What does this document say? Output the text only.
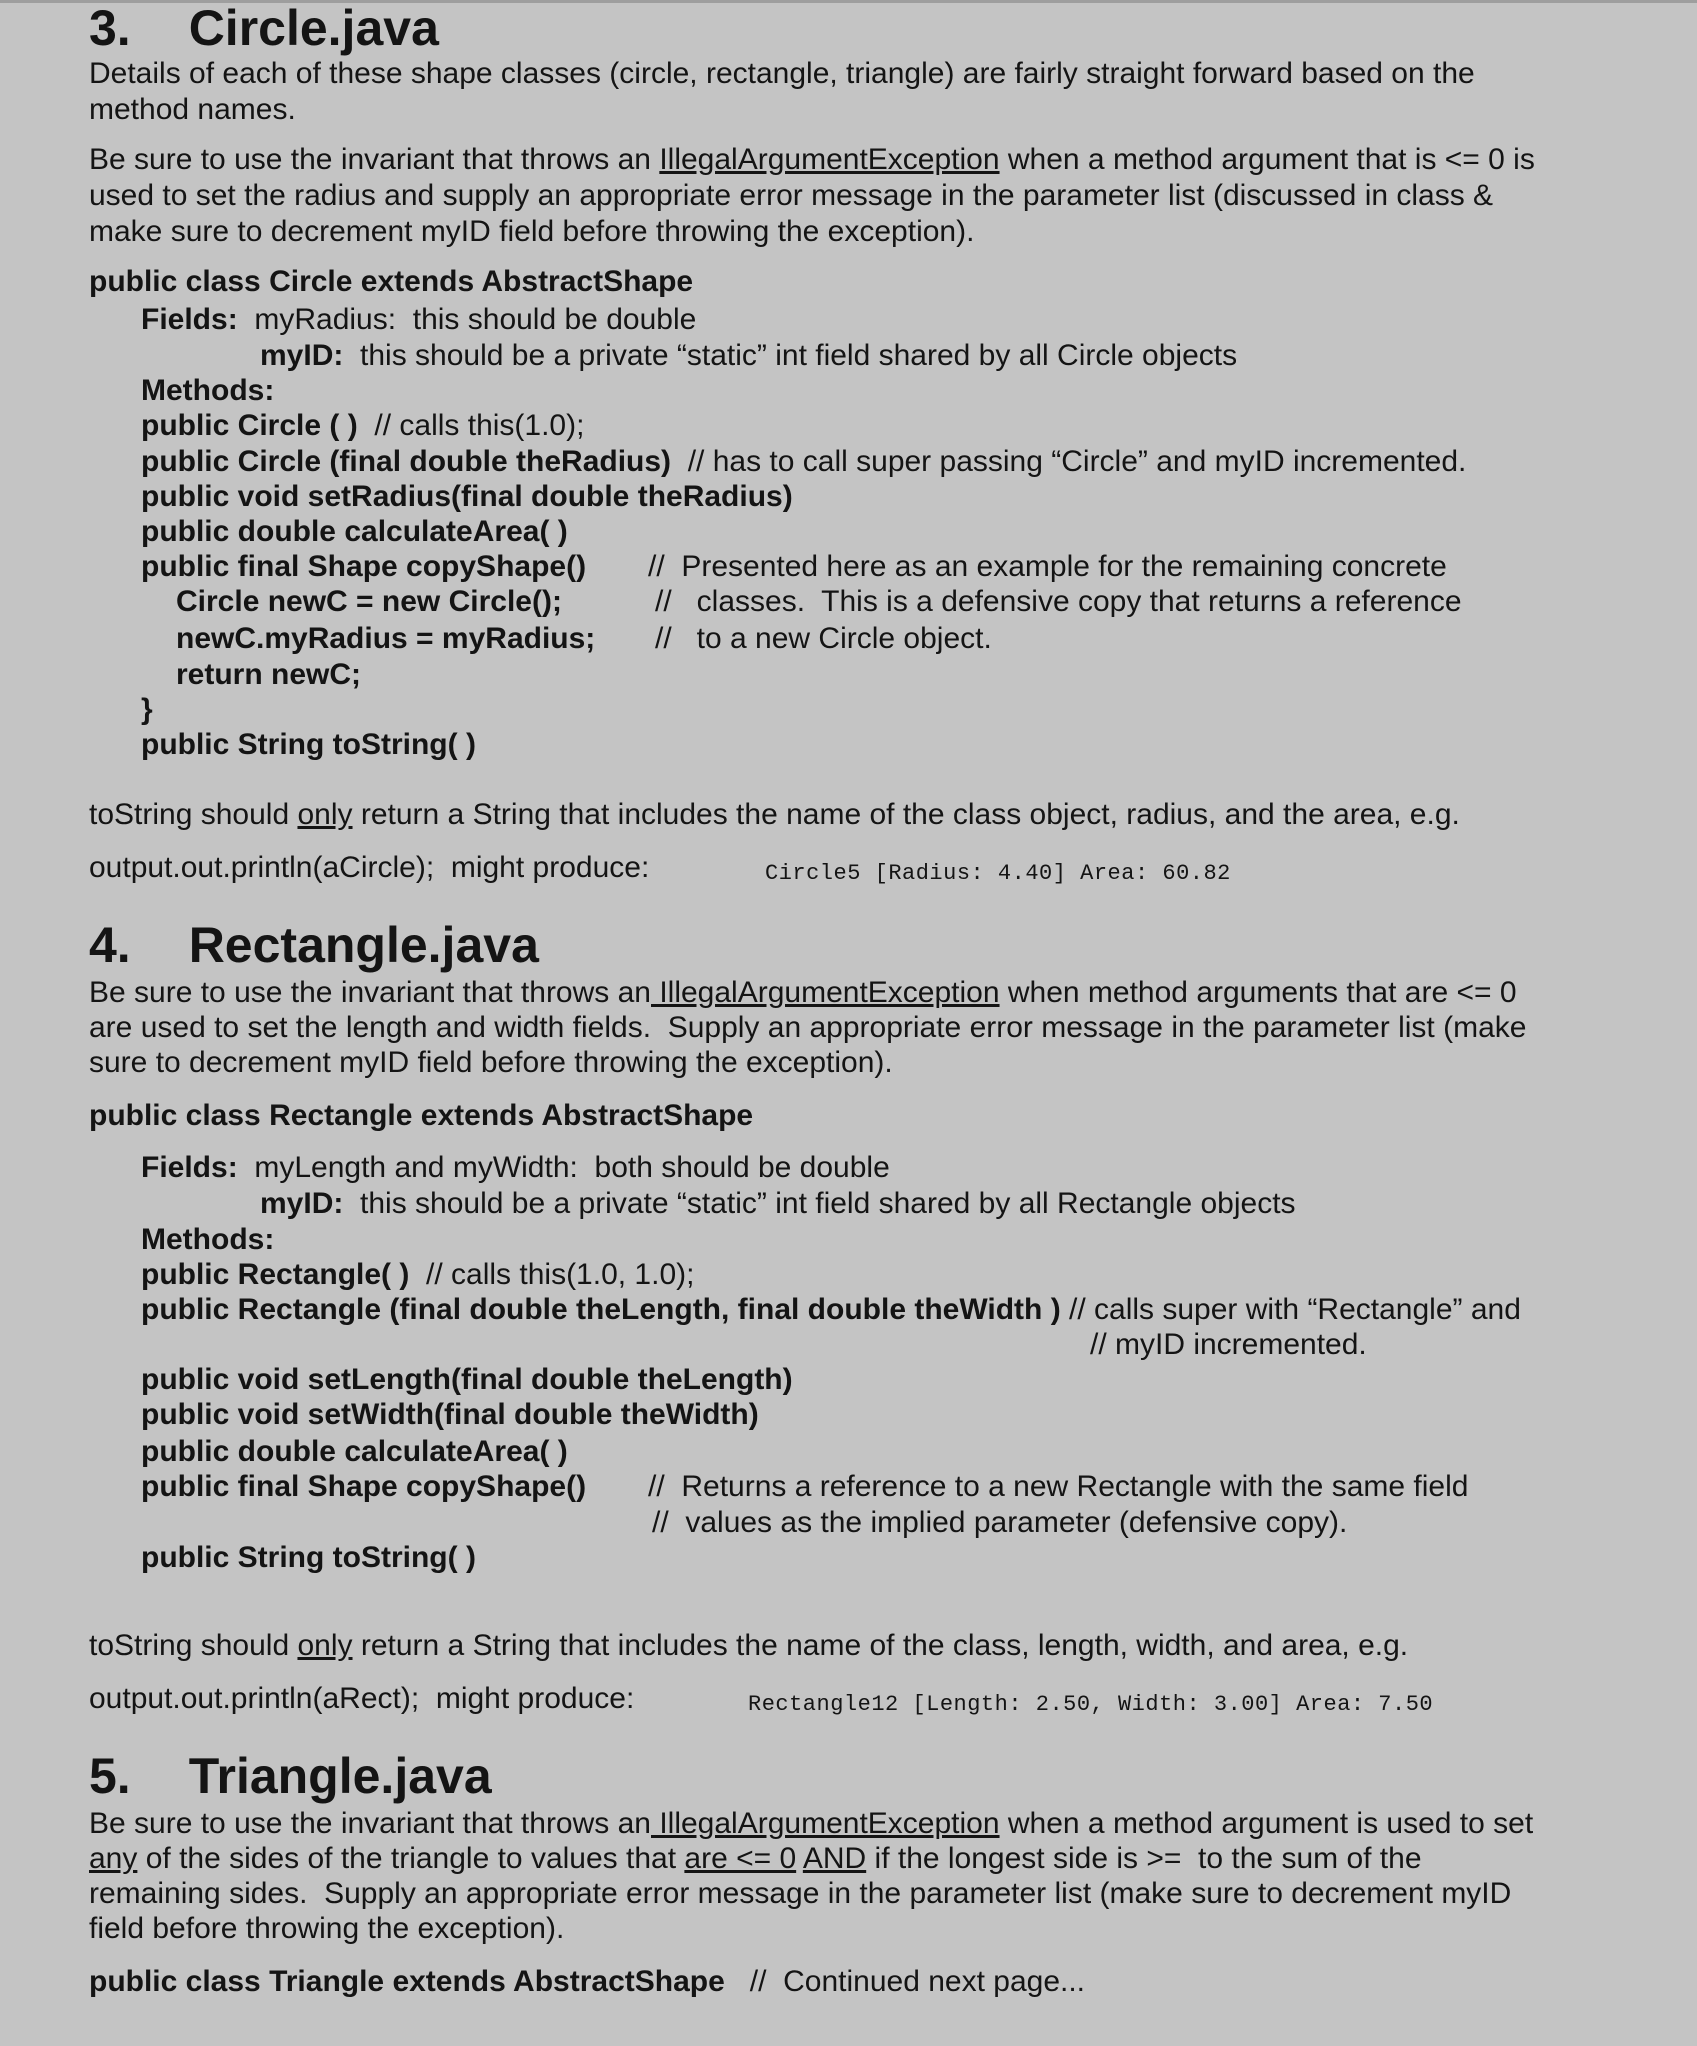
3. Circle.java
Details of each of these shape classes (circle, rectangle, triangle) are fairly straight forward based on the
method names.
Be sure to use the invariant that throws an IllegalArgumentException when a method argument that is <= 0 is
used to set the radius and supply an appropriate error message in the parameter list (discussed in class &
make sure to decrement myID field before throwing the exception).
public class Circle extends AbstractShape
Fields: myRadius:  this should be double
myID:  this should be a private “static” int field shared by all Circle objects
Methods:
public Circle ( )  // calls this(1.0);
public Circle (final double theRadius)  // has to call super passing “Circle” and myID incremented.
public void setRadius(final double theRadius)
public double calculateArea( )
public final Shape copyShape()
Circle newC = new Circle();
newC.myRadius = myRadius;
return newC;
}
//  Presented here as an example for the remaining concrete
//   classes.  This is a defensive copy that returns a reference
//   to a new Circle object.
public String toString( )
toString should only return a String that includes the name of the class object, radius, and the area, e.g.
output.out.println(aCircle);  might produce:	Circle5 [Radius: 4.40] Area: 60.82
4. Rectangle.java
Be sure to use the invariant that throws an IllegalArgumentException when method arguments that are <= 0
are used to set the length and width fields.  Supply an appropriate error message in the parameter list (make
sure to decrement myID field before throwing the exception).
public class Rectangle extends AbstractShape
Fields: myLength and myWidth:  both should be double
myID:  this should be a private “static” int field shared by all Rectangle objects
Methods:
public Rectangle( )  // calls this(1.0, 1.0);
public Rectangle (final double theLength, final double theWidth ) // calls super with “Rectangle” and
// myID incremented.
public void setLength(final double theLength)
public void setWidth(final double theWidth)
public double calculateArea( )
public final Shape copyShape() //  Returns a reference to a new Rectangle with the same field
//  values as the implied parameter (defensive copy).
public String toString( )
toString should only return a String that includes the name of the class, length, width, and area, e.g.
output.out.println(aRect);  might produce:	Rectangle12 [Length: 2.50, Width: 3.00] Area: 7.50
5. Triangle.java
Be sure to use the invariant that throws an IllegalArgumentException when a method argument is used to set
any of the sides of the triangle to values that are <= 0 AND if the longest side is >=  to the sum of the
remaining sides.  Supply an appropriate error message in the parameter list (make sure to decrement myID
field before throwing the exception).
public class Triangle extends AbstractShape   //  Continued next page...
